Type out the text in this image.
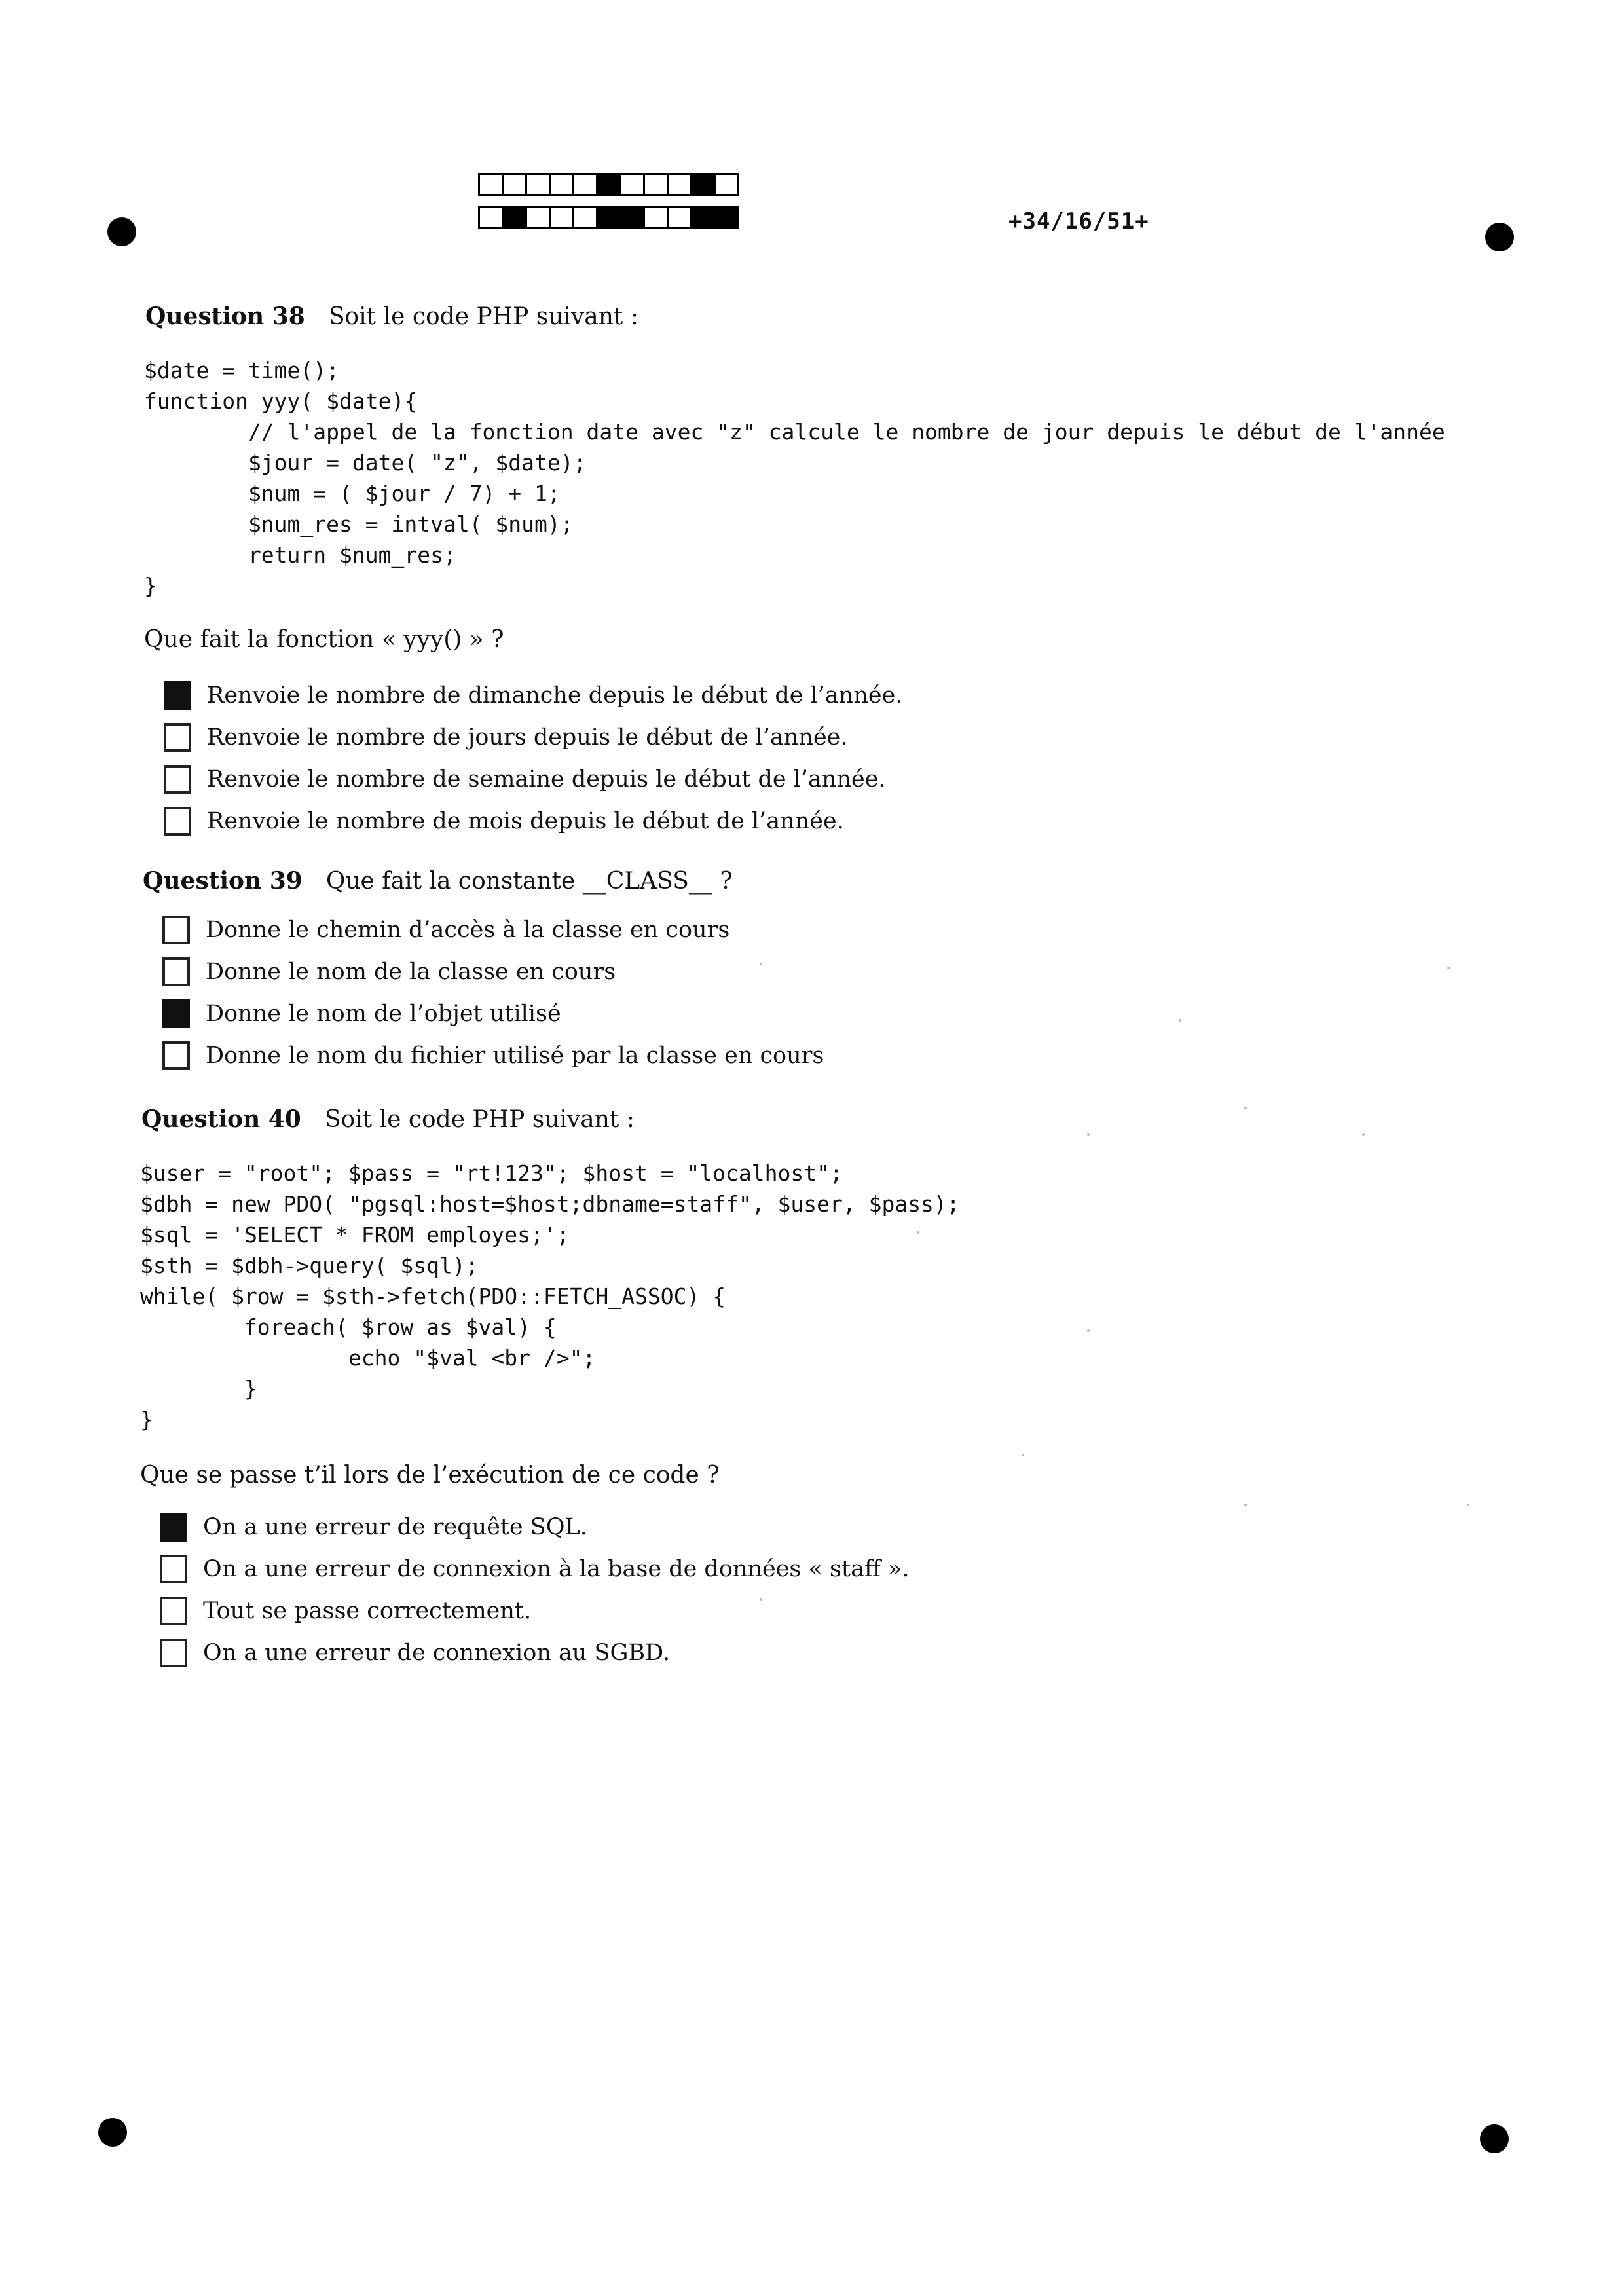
+34/16/51+
Question 38 Soit le code PHP suivant :
$date = time();
function yyy( $date){
// l'appel de la fonction date avec "z" calcule le nombre de jour depuis le début de l'année
$jour = date( "z", $date);
$num = ( $jour / 7) + 1;
$num_res = intval( $num);
return $num_res;
}
Que fait la fonction « yyy() » ?
Renvoie le nombre de dimanche depuis le début de l’année.
Renvoie le nombre de jours depuis le début de l’année.
Renvoie le nombre de semaine depuis le début de l’année.
Renvoie le nombre de mois depuis le début de l’année.
Question 39 Que fait la constante __CLASS__ ?
Donne le chemin d’accès à la classe en cours
Donne le nom de la classe en cours
Donne le nom de l’objet utilisé
Donne le nom du fichier utilisé par la classe en cours
Question 40 Soit le code PHP suivant :
$user = "root"; $pass = "rt!123"; $host = "localhost";
$dbh = new PDO( "pgsql:host=$host;dbname=staff", $user, $pass);
$sql = 'SELECT * FROM employes;';
$sth = $dbh->query( $sql);
while( $row = $sth->fetch(PDO::FETCH_ASSOC) {
foreach( $row as $val) {
echo "$val <br />";
}
}
Que se passe t’il lors de l’exécution de ce code ?
On a une erreur de requête SQL.
On a une erreur de connexion à la base de données « staff ».
Tout se passe correctement.
On a une erreur de connexion au SGBD.
